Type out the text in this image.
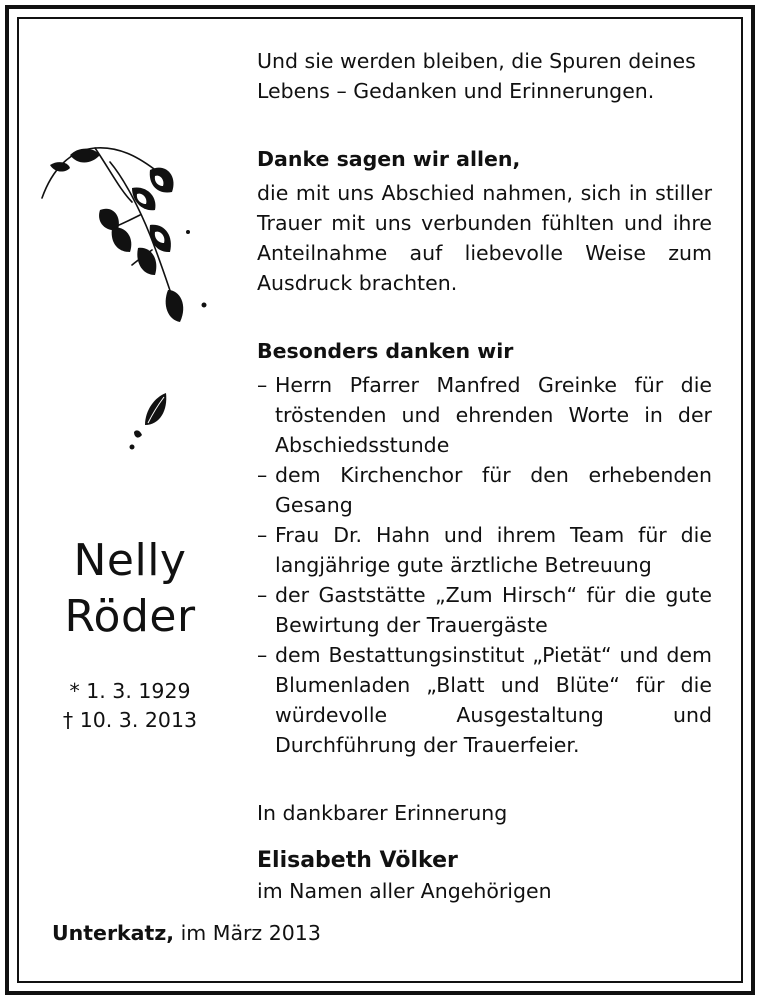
Und sie werden bleiben, die Spuren deines

Lebens – Gedanken und Erinnerungen.

Danke sagen wir allen,

die mit uns Abschied nahmen, sich in stiller Trauer mit uns verbunden fühlten und ihre Anteilnahme auf liebevolle Weise zum Ausdruck brachten.

Besonders danken wir

– Herrn Pfarrer Manfred Greinke für die tröstenden und ehrenden Worte in der Abschiedsstunde
– dem Kirchenchor für den erhebenden Gesang
– Frau Dr. Hahn und ihrem Team für die langjährige gute ärztliche Betreuung
– der Gaststätte „Zum Hirsch“ für die gute Bewirtung der Trauergäste
– dem Bestattungsinstitut „Pietät“ und dem Blumenladen „Blatt und Blüte“ für die würdevolle Ausgestaltung und Durchführung der Trauerfeier.

In dankbarer Erinnerung

Elisabeth Völker

im Namen aller Angehörigen

Nelly
Röder
* 1. 3. 1929
† 10. 3. 2013
Unterkatz, im März 2013
